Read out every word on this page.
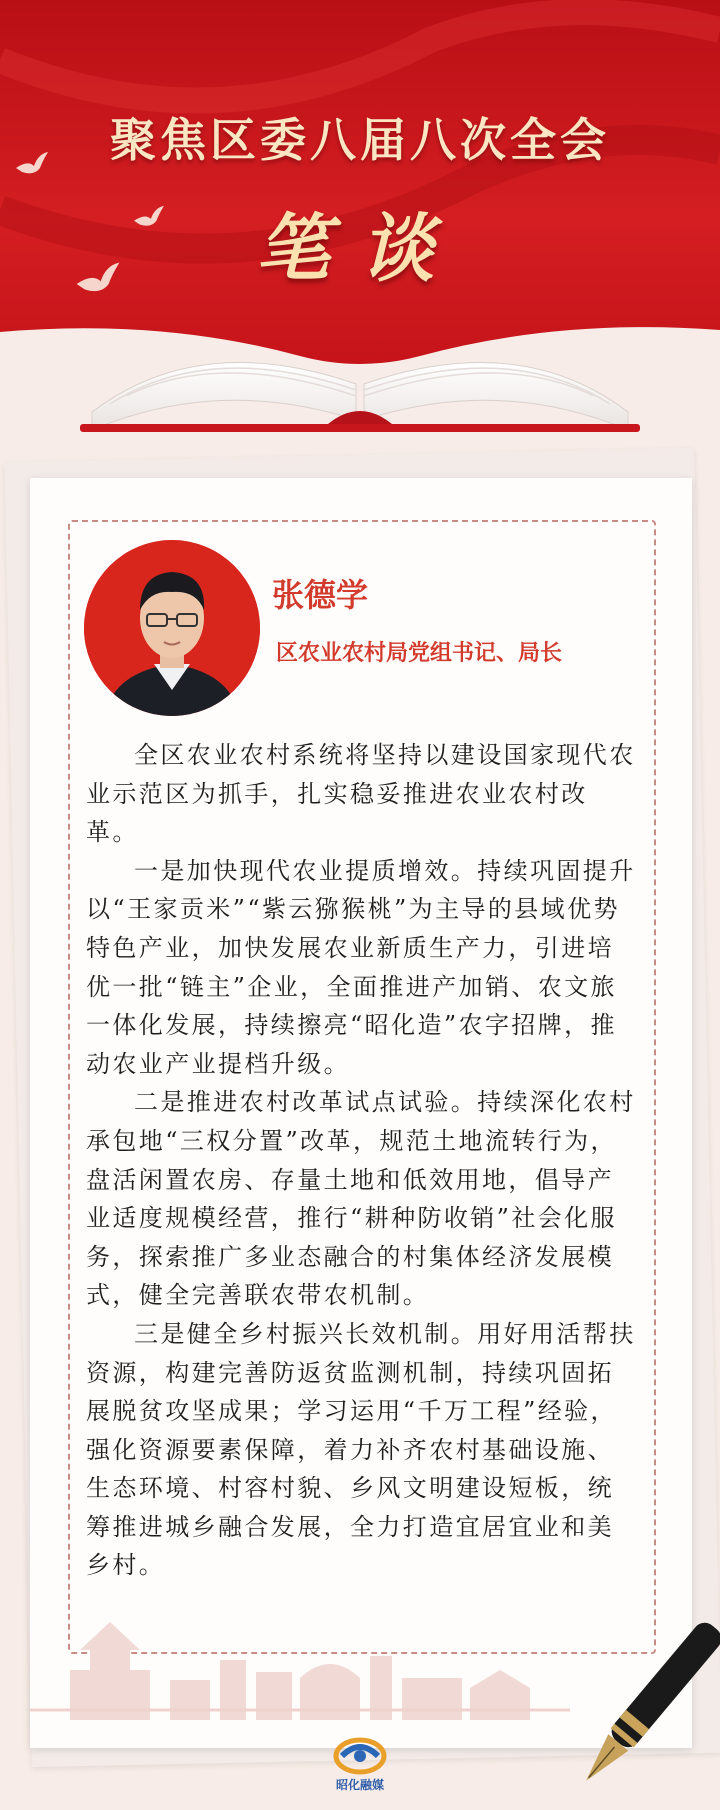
聚焦区委八届八次全会
笔谈
张德学
区农业农村局党组书记、局长

全区农业农村系统将坚持以建设国家现代农业示范区为抓手，扎实稳妥推进农业农村改革。

一是加快现代农业提质增效。持续巩固提升以“王家贡米”“紫云猕猴桃”为主导的县域优势特色产业，加快发展农业新质生产力，引进培优一批“链主”企业，全面推进产加销、农文旅一体化发展，持续擦亮“昭化造”农字招牌，推动农业产业提档升级。

二是推进农村改革试点试验。持续深化农村承包地“三权分置”改革，规范土地流转行为，盘活闲置农房、存量土地和低效用地，倡导产业适度规模经营，推行“耕种防收销”社会化服务，探索推广多业态融合的村集体经济发展模式，健全完善联农带农机制。

三是健全乡村振兴长效机制。用好用活帮扶资源，构建完善防返贫监测机制，持续巩固拓展脱贫攻坚成果；学习运用“千万工程”经验，强化资源要素保障，着力补齐农村基础设施、生态环境、村容村貌、乡风文明建设短板，统筹推进城乡融合发展，全力打造宜居宜业和美乡村。

昭化融媒
